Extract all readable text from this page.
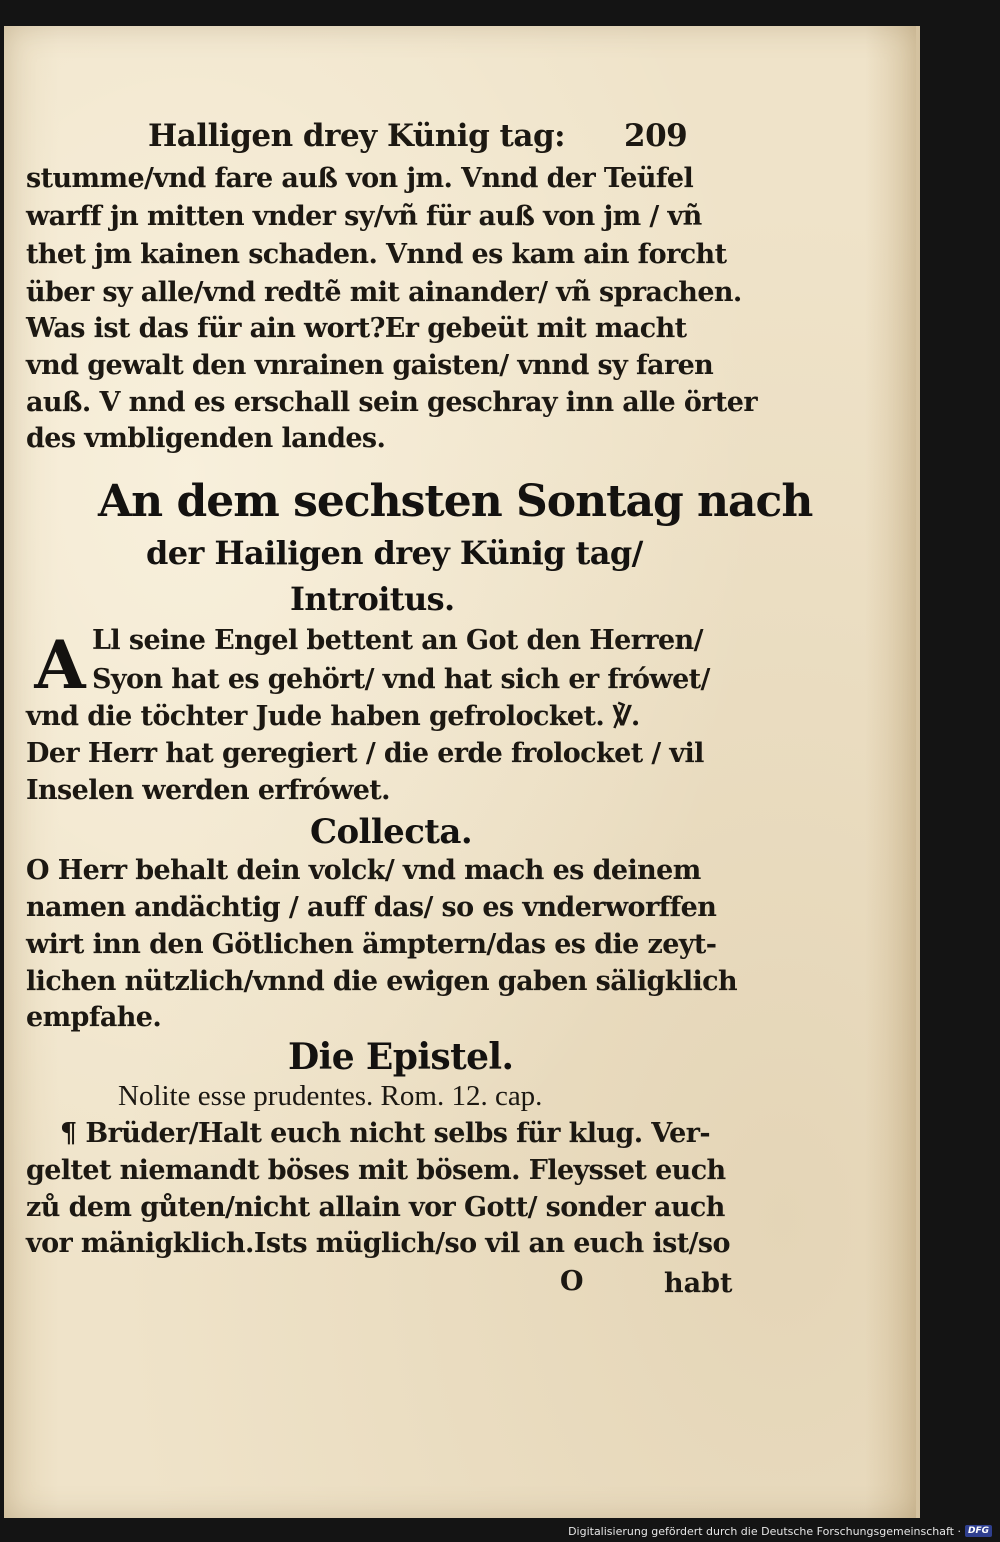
Halligen drey Künig tag: 209
stumme/vnd fare auß von jm. Vnnd der Teüfel
warff jn mitten vnder sy/vñ für auß von jm / vñ
thet jm kainen schaden. Vnnd es kam ain forcht
über sy alle/vnd redtẽ mit ainander/ vñ sprachen.
Was ist das für ain wort?Er gebeüt mit macht
vnd gewalt den vnrainen gaisten/ vnnd sy faren
auß. V nnd es erschall sein geschray inn alle örter
des vmbligenden landes.
An dem sechsten Sontag nach
der Hailigen drey Künig tag/
Introitus.
A Ll seine Engel bettent an Got den Herren/
Syon hat es gehört/ vnd hat sich er frówet/
vnd die töchter Jude haben gefrolocket. ℣.
Der Herr hat geregiert / die erde frolocket / vil
Inselen werden erfrówet.
Collecta.
O Herr behalt dein volck/ vnd mach es deinem
namen andächtig / auff das/ so es vnderworffen
wirt inn den Götlichen ämptern/das es die zeyt-
lichen nützlich/vnnd die ewigen gaben säligklich
empfahe.
Die Epistel.
Nolite esse prudentes. Rom. 12. cap.
¶ Brüder/Halt euch nicht selbs für klug. Ver-
geltet niemandt böses mit bösem. Fleysset euch
zů dem gůten/nicht allain vor Gott/ sonder auch
vor mänigklich.Ists müglich/so vil an euch ist/so
O	habt
Digitalisierung gefördert durch die Deutsche Forschungsgemeinschaft · DFG
